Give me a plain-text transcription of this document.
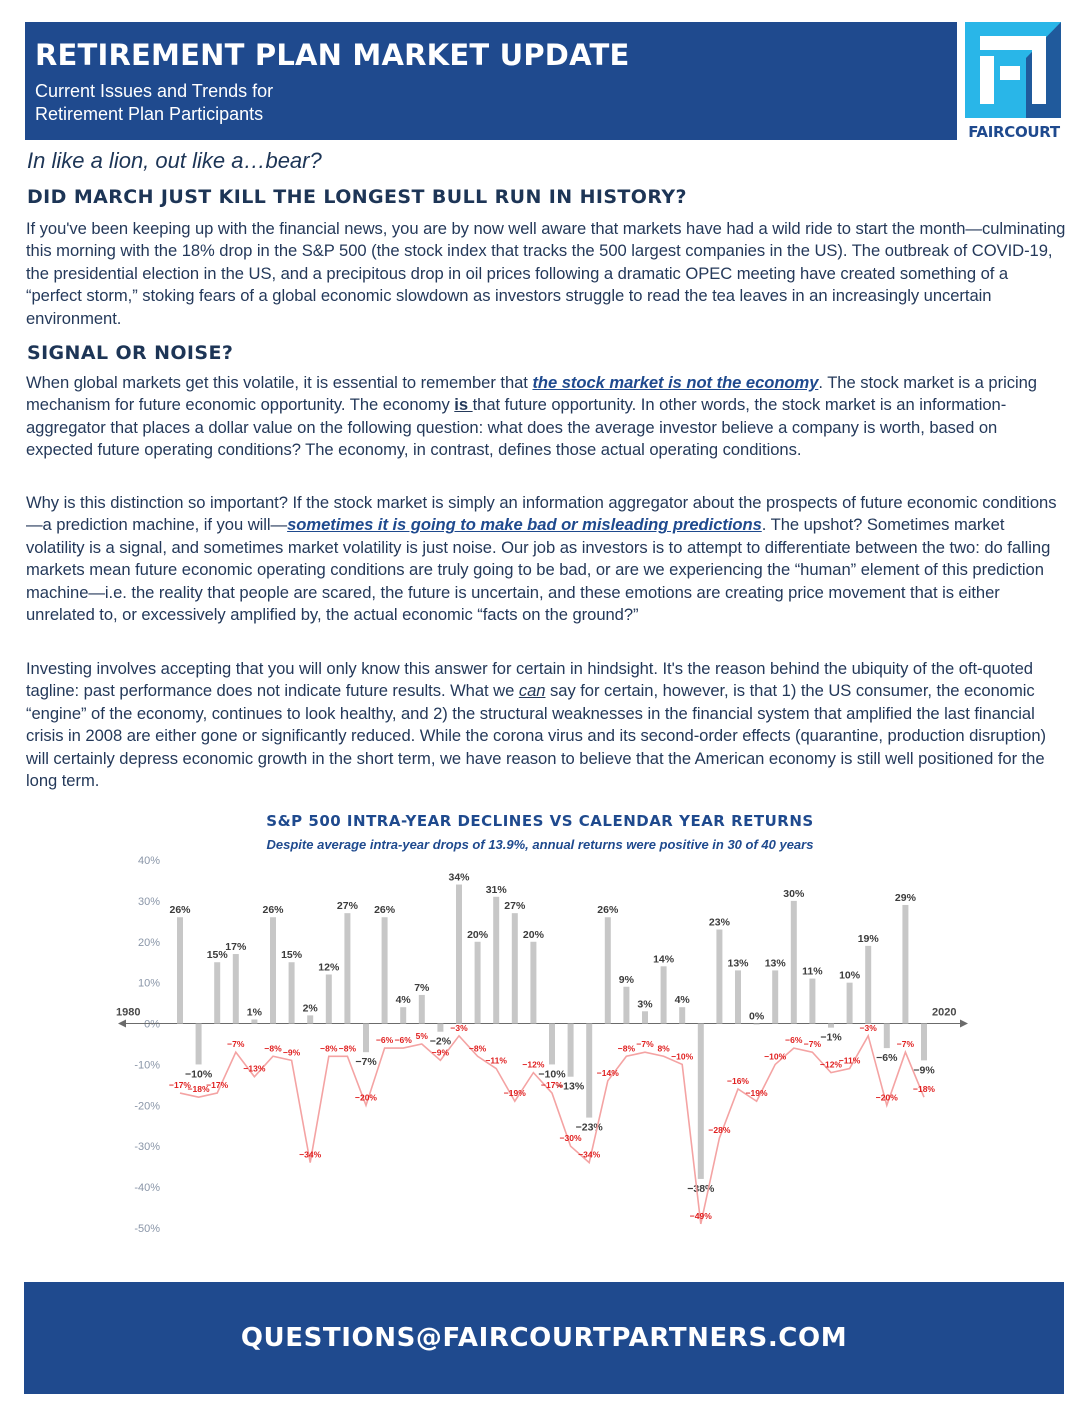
RETIREMENT PLAN MARKET UPDATE
Current Issues and Trends for
Retirement Plan Participants
FAIRCOURT
In like a lion, out like a…bear?
DID MARCH JUST KILL THE LONGEST BULL RUN IN HISTORY?

If you've been keeping up with the financial news, you are by now well aware that markets have had a wild ride to start the month—culminating this morning with the 18% drop in the S&P 500 (the stock index that tracks the 500 largest companies in the US). The outbreak of COVID-19, the presidential election in the US, and a precipitous drop in oil prices following a dramatic OPEC meeting have created something of a “perfect storm,” stoking fears of a global economic slowdown as investors struggle to read the tea leaves in an increasingly uncertain environment.

SIGNAL OR NOISE?

When global markets get this volatile, it is essential to remember that the stock market is not the economy. The stock market is a pricing mechanism for future economic opportunity. The economy is that future opportunity. In other words, the stock market is an information-aggregator that places a dollar value on the following question: what does the average investor believe a company is worth, based on expected future operating conditions? The economy, in contrast, defines those actual operating conditions.

Why is this distinction so important? If the stock market is simply an information aggregator about the prospects of future economic conditions—a prediction machine, if you will—sometimes it is going to make bad or misleading predictions. The upshot? Sometimes market volatility is a signal, and sometimes market volatility is just noise. Our job as investors is to attempt to differentiate between the two: do falling markets mean future economic operating conditions are truly going to be bad, or are we experiencing the “human” element of this prediction machine—i.e. the reality that people are scared, the future is uncertain, and these emotions are creating price movement that is either unrelated to, or excessively amplified by, the actual economic “facts on the ground?”

Investing involves accepting that you will only know this answer for certain in hindsight. It's the reason behind the ubiquity of the oft-quoted tagline: past performance does not indicate future results. What we can say for certain, however, is that 1) the US consumer, the economic “engine” of the economy, continues to look healthy, and 2) the structural weaknesses in the financial system that amplified the last financial crisis in 2008 are either gone or significantly reduced. While the corona virus and its second-order effects (quarantine, production disruption) will certainly depress economic growth in the short term, we have reason to believe that the American economy is still well positioned for the long term.

S&P 500 INTRA-YEAR DECLINES VS CALENDAR YEAR RETURNS
Despite average intra-year drops of 13.9%, annual returns were positive in 30 of 40 years
40%
30%
20%
10%
0%
-10%
-20%
-30%
-40%
-50%
1980	2020
26%
−10%
15%
17%
1%
26%
15%
2%
12%
27%
−7%
26%
4%
7%
−2%
34%
20%
31%
27%
20%
−10%
−13%
−23%
26%
9%
3%
14%
4%
−38%
23%
13%
0%
13%
30%
11%
−1%
10%
19%
−6%
29%
−9%
−17%
−18%
−17%
−7%
−13%
−8% −9%
−34%
−8% −8%
−20%
−6% −6% 5%
−9%
−3%
−8%
−11%
−19%
−12%
−17%
−30%
−34%
−14%
−8% −7% 8%
−10%
−49%
−28%
−16%
−19%
−10%
−6% −7%
−12%
−11%
−3%
−20%
−7%
−18%
QUESTIONS@FAIRCOURTPARTNERS.COM
